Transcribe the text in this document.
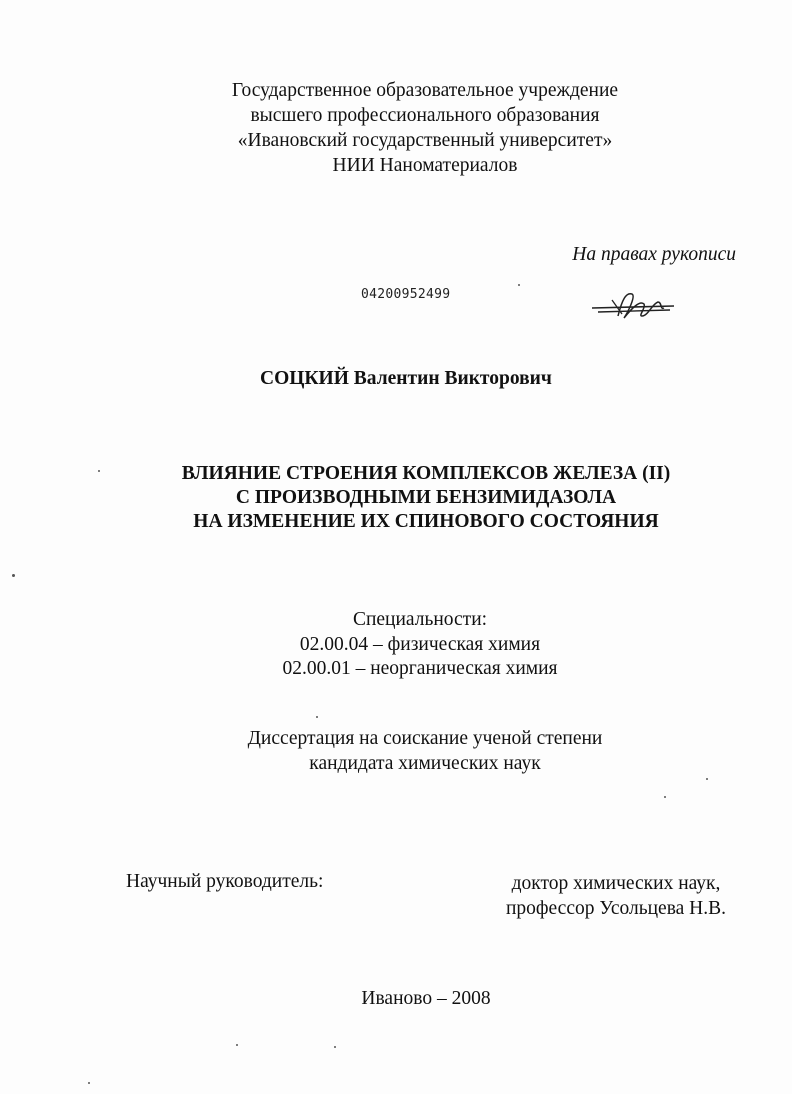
Государственное образовательное учреждение
высшего профессионального образования
«Ивановский государственный университет»
НИИ Наноматериалов
На правах рукописи
04200952499
СОЦКИЙ Валентин Викторович
ВЛИЯНИЕ СТРОЕНИЯ КОМПЛЕКСОВ ЖЕЛЕЗА (II)
С ПРОИЗВОДНЫМИ БЕНЗИМИДАЗОЛА
НА ИЗМЕНЕНИЕ ИХ СПИНОВОГО СОСТОЯНИЯ
Специальности:
02.00.04 – физическая химия
02.00.01 – неорганическая химия
Диссертация на соискание ученой степени
кандидата химических наук
Научный руководитель:	доктор химических наук,
профессор Усольцева Н.В.
Иваново – 2008
